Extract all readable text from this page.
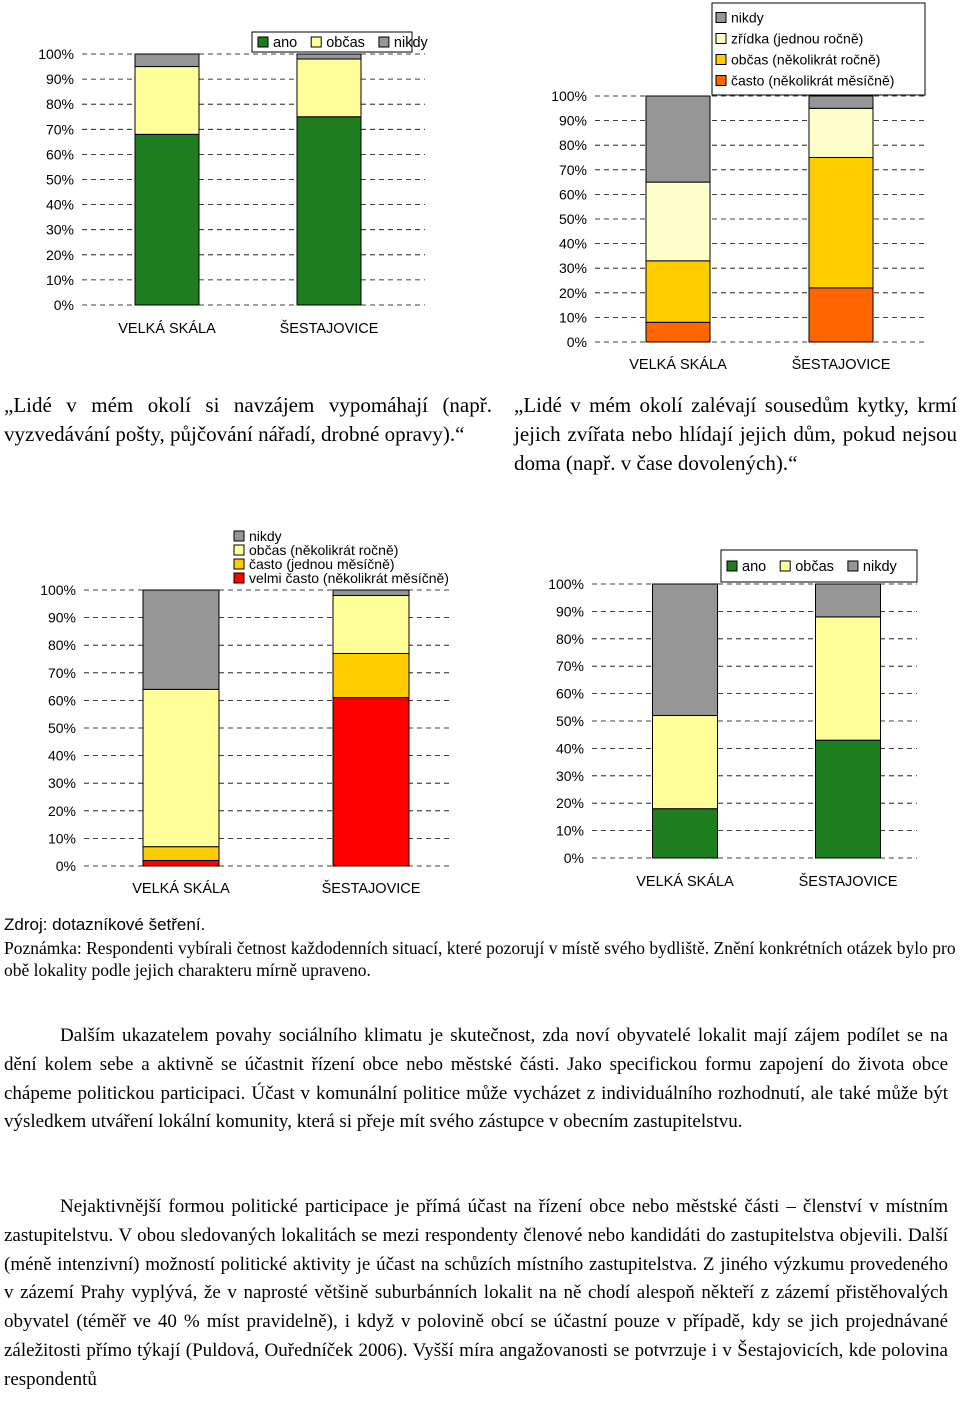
0%
10%
20%
30%
40%
50%
60%
70%
80%
90%
100%
VELKÁ SKÁLA	ŠESTAJOVICE
ano občas nikdy
0%
10%
20%
30%
40%
50%
60%
70%
80%
90%
100%
VELKÁ SKÁLA	ŠESTAJOVICE
nikdy
zřídka (jednou ročně)
občas (několikrát ročně)
často (několikrát měsíčně)

„Lidé v mém okolí si navzájem vypomáhají (např. vyzvedávání pošty, půjčování nářadí, drobné opravy).“

„Lidé v mém okolí zalévají sousedům kytky, krmí jejich zvířata nebo hlídají jejich dům, pokud nejsou doma (např. v čase dovolených).“

0%
10%
20%
30%
40%
50%
60%
70%
80%
90%
100%
VELKÁ SKÁLA	ŠESTAJOVICE
nikdy
občas (několikrát ročně)
často (jednou měsíčně)
velmi často (několikrát měsíčně)
0%
10%
20%
30%
40%
50%
60%
70%
80%
90%
100%
VELKÁ SKÁLA	ŠESTAJOVICE
ano občas nikdy

Zdroj: dotazníkové šetření.

Poznámka: Respondenti vybírali četnost každodenních situací, které pozorují v místě svého bydliště. Znění konkrétních otázek bylo pro obě lokality podle jejich charakteru mírně upraveno.

Dalším ukazatelem povahy sociálního klimatu je skutečnost, zda noví obyvatelé lokalit mají zájem podílet se na dění kolem sebe a aktivně se účastnit řízení obce nebo městské části. Jako specifickou formu zapojení do života obce chápeme politickou participaci. Účast v komunální politice může vycházet z individuálního rozhodnutí, ale také může být výsledkem utváření lokální komunity, která si přeje mít svého zástupce v obecním zastupitelstvu.

Nejaktivnější formou politické participace je přímá účast na řízení obce nebo městské části – členství v místním zastupitelstvu. V obou sledovaných lokalitách se mezi respondenty členové nebo kandidáti do zastupitelstva objevili. Další (méně intenzivní) možností politické aktivity je účast na schůzích místního zastupitelstva. Z jiného výzkumu provedeného v zázemí Prahy vyplývá, že v naprosté většině suburbánních lokalit na ně chodí alespoň někteří z zázemí přistěhovalých obyvatel (téměř ve 40 % míst pravidelně), i když v polovině obcí se účastní pouze v případě, kdy se jich projednávané záležitosti přímo týkají (Puldová, Ouředníček 2006). Vyšší míra angažovanosti se potvrzuje i v Šestajovicích, kde polovina respondentů
